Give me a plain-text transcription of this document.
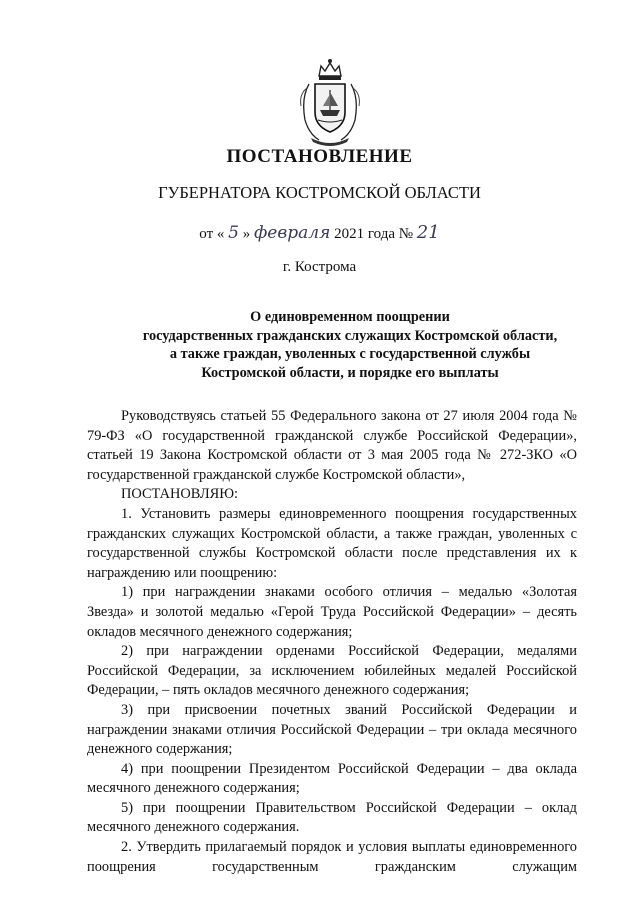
ПОСТАНОВЛЕНИЕ
ГУБЕРНАТОРА КОСТРОМСКОЙ ОБЛАСТИ
от « 5 » февраля 2021 года № 21
г. Кострома
О единовременном поощрении
государственных гражданских служащих Костромской области,
а также граждан, уволенных с государственной службы
Костромской области, и порядке его выплаты
Руководствуясь статьей 55 Федерального закона от 27 июля 2004 года № 79-ФЗ «О государственной гражданской службе Российской Федерации», статьей 19 Закона Костромской области от 3 мая 2005 года № 272-ЗКО «О государственной гражданской службе Костромской области»,
ПОСТАНОВЛЯЮ:
1. Установить размеры единовременного поощрения государственных гражданских служащих Костромской области, а также граждан, уволенных с государственной службы Костромской области после представления их к награждению или поощрению:
1) при награждении знаками особого отличия – медалью «Золотая Звезда» и золотой медалью «Герой Труда Российской Федерации» – десять окладов месячного денежного содержания;
2) при награждении орденами Российской Федерации, медалями Российской Федерации, за исключением юбилейных медалей Российской Федерации, – пять окладов месячного денежного содержания;
3) при присвоении почетных званий Российской Федерации и награждении знаками отличия Российской Федерации – три оклада месячного денежного содержания;
4) при поощрении Президентом Российской Федерации – два оклада месячного денежного содержания;
5) при поощрении Правительством Российской Федерации – оклад месячного денежного содержания.
2. Утвердить прилагаемый порядок и условия выплаты единовременного поощрения государственным гражданским служащим
